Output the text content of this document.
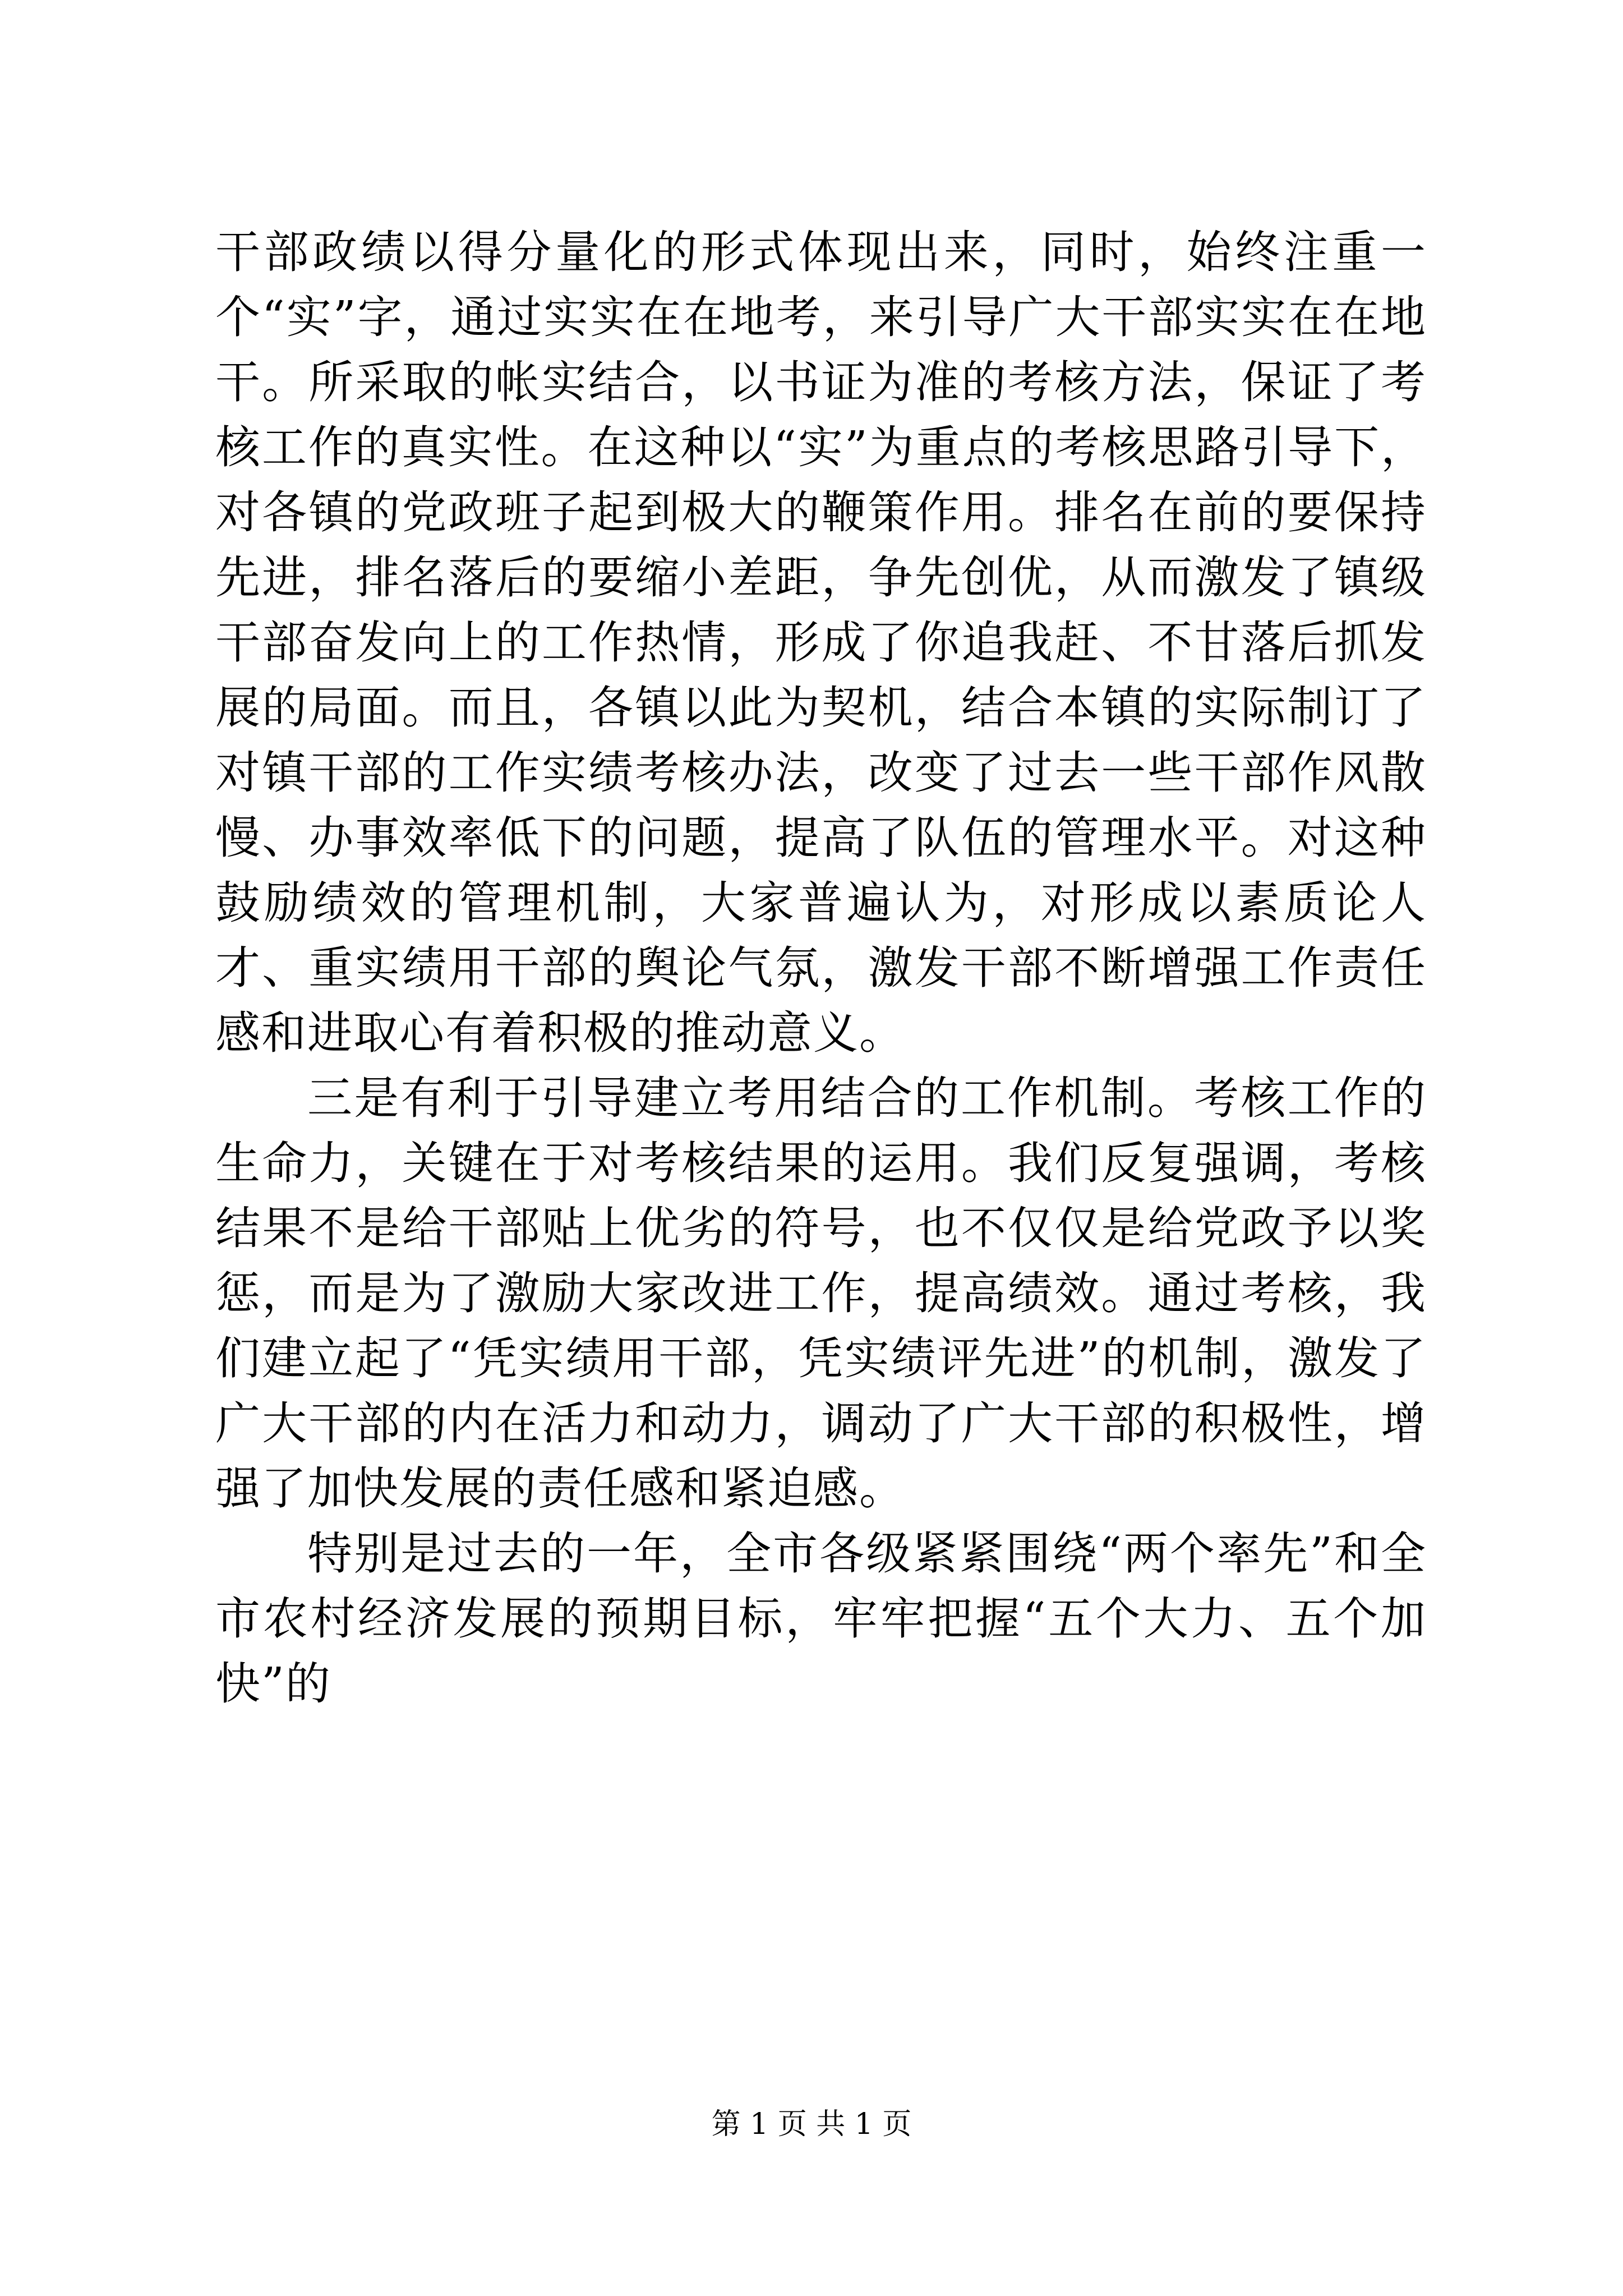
干部政绩以得分量化的形式体现出来，同时，始终注重一个“实”字，通过实实在在地考，来引导广大干部实实在在地干。所采取的帐实结合，以书证为准的考核方法，保证了考核工作的真实性。在这种以“实”为重点的考核思路引导下，对各镇的党政班子起到极大的鞭策作用。排名在前的要保持先进，排名落后的要缩小差距，争先创优，从而激发了镇级干部奋发向上的工作热情，形成了你追我赶、不甘落后抓发展的局面。而且，各镇以此为契机，结合本镇的实际制订了对镇干部的工作实绩考核办法，改变了过去一些干部作风散慢、办事效率低下的问题，提高了队伍的管理水平。对这种鼓励绩效的管理机制，大家普遍认为，对形成以素质论人才、重实绩用干部的舆论气氛，激发干部不断增强工作责任感和进取心有着积极的推动意义。

三是有利于引导建立考用结合的工作机制。考核工作的生命力，关键在于对考核结果的运用。我们反复强调，考核结果不是给干部贴上优劣的符号，也不仅仅是给党政予以奖惩，而是为了激励大家改进工作，提高绩效。通过考核，我们建立起了“凭实绩用干部，凭实绩评先进”的机制，激发了广大干部的内在活力和动力，调动了广大干部的积极性，增强了加快发展的责任感和紧迫感。

特别是过去的一年，全市各级紧紧围绕“两个率先”和全市农村经济发展的预期目标，牢牢把握“五个大力、五个加快”的

第 1 页 共 1 页
